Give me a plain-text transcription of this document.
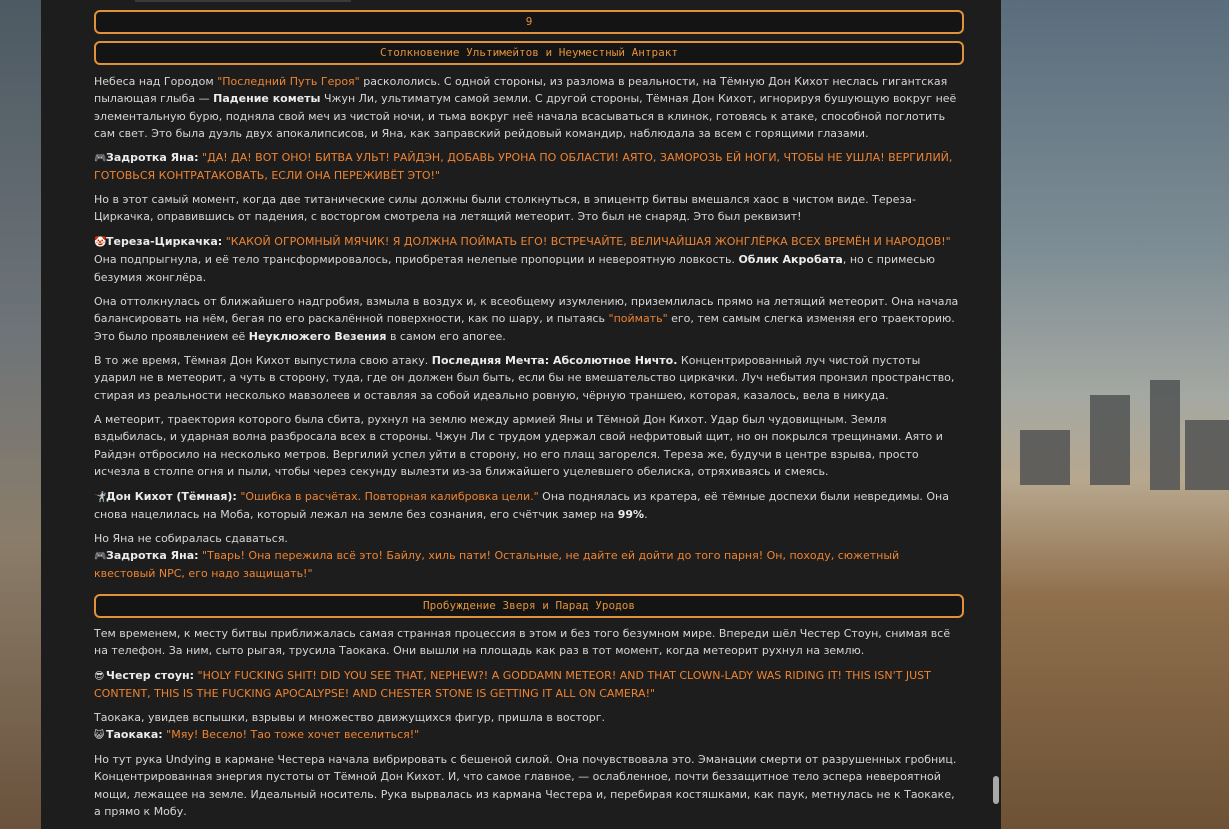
9
Столкновение Ультимейтов и Неуместный Антракт

Небеса над Городом "Последний Путь Героя" раскололись. С одной стороны, из разлома в реальности, на Тёмную Дон Кихот неслась гигантская пылающая глыба — Падение кометы Чжун Ли, ультиматум самой земли. С другой стороны, Тёмная Дон Кихот, игнорируя бушующую вокруг неё элементальную бурю, подняла свой меч из чистой ночи, и тьма вокруг неё начала всасываться в клинок, готовясь к атаке, способной поглотить сам свет. Это была дуэль двух апокалипсисов, и Яна, как заправский рейдовый командир, наблюдала за всем с горящими глазами.

🎮Задротка Яна: "ДА! ДА! ВОТ ОНО! БИТВА УЛЬТ! РАЙДЭН, ДОБАВЬ УРОНА ПО ОБЛАСТИ! АЯТО, ЗАМОРОЗЬ ЕЙ НОГИ, ЧТОБЫ НЕ УШЛА! ВЕРГИЛИЙ, ГОТОВЬСЯ КОНТРАТАКОВАТЬ, ЕСЛИ ОНА ПЕРЕЖИВЁТ ЭТО!"

Но в этот самый момент, когда две титанические силы должны были столкнуться, в эпицентр битвы вмешался хаос в чистом виде. Тереза-Циркачка, оправившись от падения, с восторгом смотрела на летящий метеорит. Это был не снаряд. Это был реквизит!

🤡Тереза-Циркачка: "КАКОЙ ОГРОМНЫЙ МЯЧИК! Я ДОЛЖНА ПОЙМАТЬ ЕГО! ВСТРЕЧАЙТЕ, ВЕЛИЧАЙШАЯ ЖОНГЛЁРКА ВСЕХ ВРЕМЁН И НАРОДОВ!" Она подпрыгнула, и её тело трансформировалось, приобретая нелепые пропорции и невероятную ловкость. Облик Акробата, но с примесью безумия жонглёра.

Она оттолкнулась от ближайшего надгробия, взмыла в воздух и, к всеобщему изумлению, приземлилась прямо на летящий метеорит. Она начала балансировать на нём, бегая по его раскалённой поверхности, как по шару, и пытаясь "поймать" его, тем самым слегка изменяя его траекторию. Это было проявлением её Неуклюжего Везения в самом его апогее.

В то же время, Тёмная Дон Кихот выпустила свою атаку. Последняя Мечта: Абсолютное Ничто. Концентрированный луч чистой пустоты ударил не в метеорит, а чуть в сторону, туда, где он должен был быть, если бы не вмешательство циркачки. Луч небытия пронзил пространство, стирая из реальности несколько мавзолеев и оставляя за собой идеально ровную, чёрную траншею, которая, казалось, вела в никуда.

А метеорит, траектория которого была сбита, рухнул на землю между армией Яны и Тёмной Дон Кихот. Удар был чудовищным. Земля вздыбилась, и ударная волна разбросала всех в стороны. Чжун Ли с трудом удержал свой нефритовый щит, но он покрылся трещинами. Аято и Райдэн отбросило на несколько метров. Вергилий успел уйти в сторону, но его плащ загорелся. Тереза же, будучи в центре взрыва, просто исчезла в столпе огня и пыли, чтобы через секунду вылезти из-за ближайшего уцелевшего обелиска, отряхиваясь и смеясь.

🤺Дон Кихот (Тёмная): "Ошибка в расчётах. Повторная калибровка цели." Она поднялась из кратера, её тёмные доспехи были невредимы. Она снова нацелилась на Моба, который лежал на земле без сознания, его счётчик замер на 99%.

Но Яна не собиралась сдаваться.

🎮Задротка Яна: "Тварь! Она пережила всё это! Байлу, хиль пати! Остальные, не дайте ей дойти до того парня! Он, походу, сюжетный квестовый NPC, его надо защищать!"

Пробуждение Зверя и Парад Уродов

Тем временем, к месту битвы приближалась самая странная процессия в этом и без того безумном мире. Впереди шёл Честер Стоун, снимая всё на телефон. За ним, сыто рыгая, трусила Таокака. Они вышли на площадь как раз в тот момент, когда метеорит рухнул на землю.

😎 Честер стоун: "HOLY FUCKING SHIT! DID YOU SEE THAT, NEPHEW?! A GODDAMN METEOR! AND THAT CLOWN-LADY WAS RIDING IT! THIS ISN'T JUST CONTENT, THIS IS THE FUCKING APOCALYPSE! AND CHESTER STONE IS GETTING IT ALL ON CAMERA!"

Таокака, увидев вспышки, взрывы и множество движущихся фигур, пришла в восторг.

😺 Таокака: "Мяу! Весело! Тао тоже хочет веселиться!"

Но тут рука Undying в кармане Честера начала вибрировать с бешеной силой. Она почувствовала это. Эманации смерти от разрушенных гробниц. Концентрированная энергия пустоты от Тёмной Дон Кихот. И, что самое главное, — ослабленное, почти беззащитное тело эспера невероятной мощи, лежащее на земле. Идеальный носитель. Рука вырвалась из кармана Честера и, перебирая костяшками, как паук, метнулась не к Таокаке, а прямо к Мобу.
